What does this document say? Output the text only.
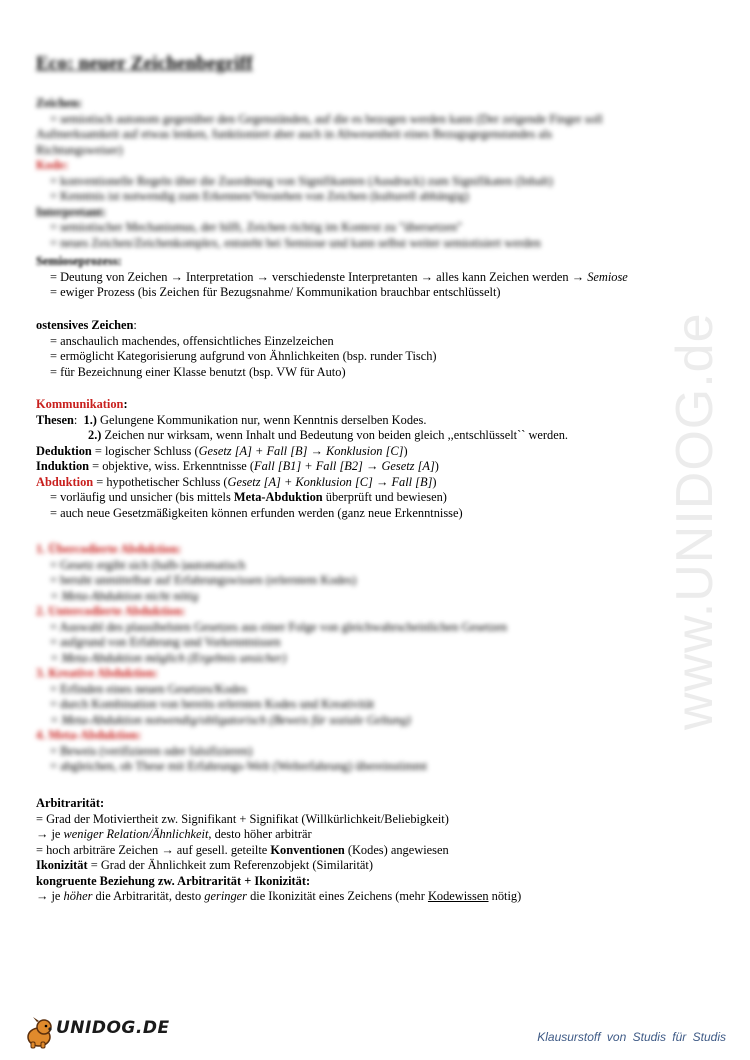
www.UNIDOG.de
Eco: neuer Zeichenbegriff
Zeichen:
= semiotisch autonom gegenüber den Gegenständen, auf die es bezogen werden kann (Der zeigende Finger soll
Aufmerksamkeit auf etwas lenken, funktioniert aber auch in Abwesenheit eines Bezugsgegenstandes als
Richtungsweiser)
Kode:
= konventionelle Regeln über die Zuordnung von Signifikanten (Ausdruck) zum Signifikaten (Inhalt)
= Kenntnis ist notwendig zum Erkennen/Verstehen von Zeichen (kulturell abhängig)
Interpretant:
= semiotischer Mechanismus, der hilft, Zeichen richtig im Kontext zu "übersetzen"
= neues Zeichen/Zeichenkomplex, entsteht bei Semiose und kann selbst weiter semiotisiert werden
Semioseprozess:
= Deutung von Zeichen → Interpretation → verschiedenste Interpretanten → alles kann Zeichen werden → Semiose
= ewiger Prozess (bis Zeichen für Bezugsnahme/ Kommunikation brauchbar entschlüsselt)
ostensives Zeichen:
= anschaulich machendes, offensichtliches Einzelzeichen
= ermöglicht Kategorisierung aufgrund von Ähnlichkeiten (bsp. runder Tisch)
= für Bezeichnung einer Klasse benutzt (bsp. VW für Auto)
Kommunikation:
Thesen:  1.) Gelungene Kommunikation nur, wenn Kenntnis derselben Kodes.
2.) Zeichen nur wirksam, wenn Inhalt und Bedeutung von beiden gleich ,,entschlüsselt`` werden.
Deduktion = logischer Schluss (Gesetz [A] + Fall [B] → Konklusion [C])
Induktion = objektive, wiss. Erkenntnisse (Fall [B1] + Fall [B2] → Gesetz [A])
Abduktion = hypothetischer Schluss (Gesetz [A] + Konklusion [C] → Fall [B])
= vorläufig und unsicher (bis mittels Meta-Abduktion überprüft und bewiesen)
= auch neue Gesetzmäßigkeiten können erfunden werden (ganz neue Erkenntnisse)
1. Übercodierte Abduktion:
= Gesetz ergibt sich (halb-)automatisch
= beruht unmittelbar auf Erfahrungswissen (erlerntem Kodes)
= Meta-Abduktion nicht nötig
2. Untercodierte Abduktion:
= Auswahl des plausibelsten Gesetzes aus einer Folge von gleichwahrscheinlichen Gesetzen
= aufgrund von Erfahrung und Vorkenntnissen
= Meta-Abduktion möglich (Ergebnis unsicher)
3. Kreative Abduktion:
= Erfinden eines neuen Gesetzes/Kodes
= durch Kombination von bereits erlernten Kodes und Kreativität
= Meta-Abduktion notwendig/obligatorisch (Beweis für soziale Geltung)
4. Meta-Abduktion:
= Beweis (verifizieren oder falsifizieren)
= abgleichen, ob These mit Erfahrungs-Welt (Welterfahrung) übereinstimmt
Arbitrarität:
= Grad der Motiviertheit zw. Signifikant + Signifikat (Willkürlichkeit/Beliebigkeit)
→ je weniger Relation/Ähnlichkeit, desto höher arbiträr
= hoch arbiträre Zeichen → auf gesell. geteilte Konventionen (Kodes) angewiesen
Ikonizität = Grad der Ähnlichkeit zum Referenzobjekt (Similarität)
kongruente Beziehung zw. Arbitrarität + Ikonizität:
→ je höher die Arbitrarität, desto geringer die Ikonizität eines Zeichens (mehr Kodewissen nötig)
UNIDOG.DE	Klausurstoff von Studis für Studis
